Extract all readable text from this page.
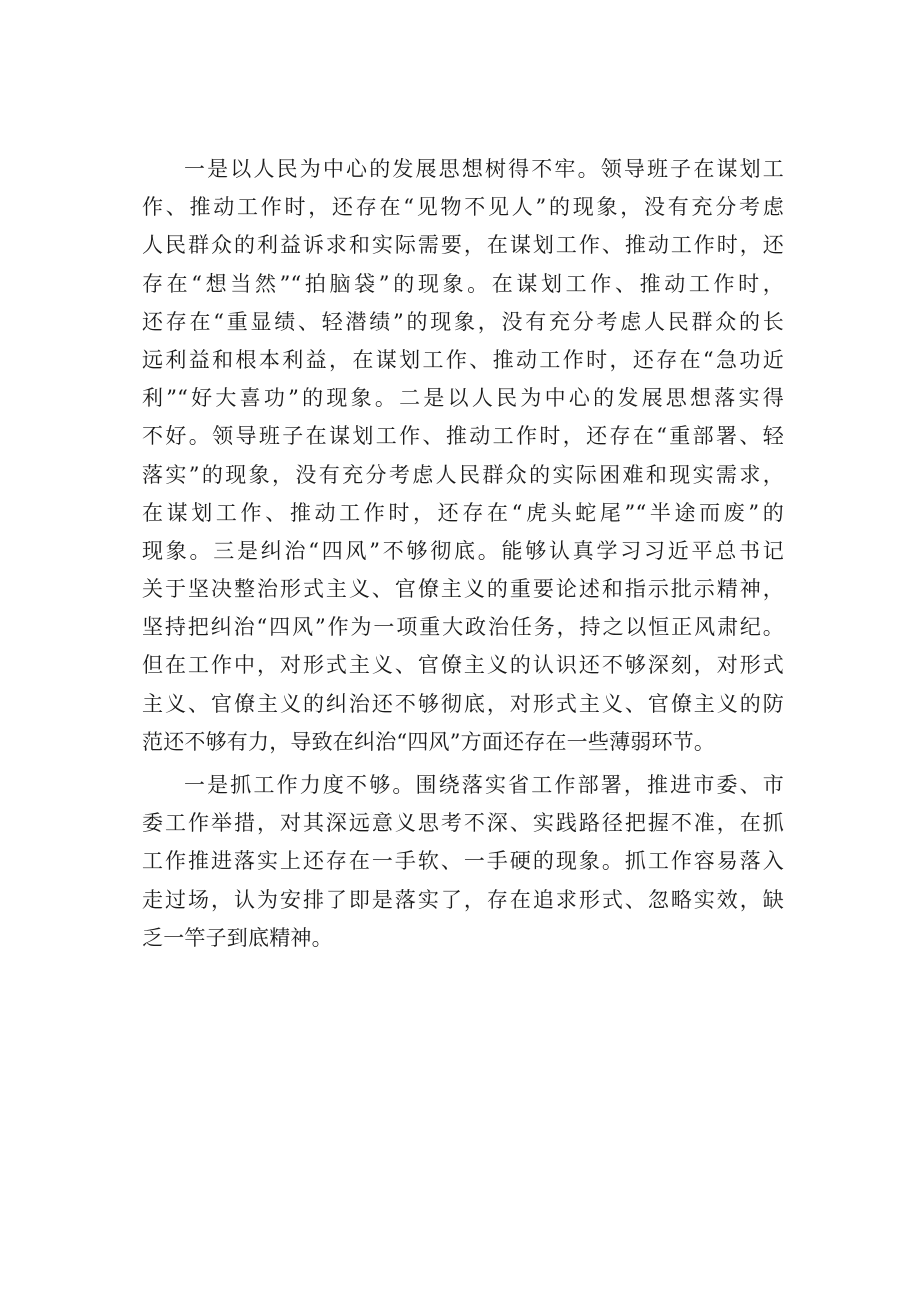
一是以人民为中心的发展思想树得不牢。领导班子在谋划工
作、推动工作时，还存在“见物不见人”的现象，没有充分考虑
人民群众的利益诉求和实际需要，在谋划工作、推动工作时，还
存在“想当然”“拍脑袋”的现象。在谋划工作、推动工作时，
还存在“重显绩、轻潜绩”的现象，没有充分考虑人民群众的长
远利益和根本利益，在谋划工作、推动工作时，还存在“急功近
利”“好大喜功”的现象。二是以人民为中心的发展思想落实得
不好。领导班子在谋划工作、推动工作时，还存在“重部署、轻
落实”的现象，没有充分考虑人民群众的实际困难和现实需求，
在谋划工作、推动工作时，还存在“虎头蛇尾”“半途而废”的
现象。三是纠治“四风”不够彻底。能够认真学习习近平总书记
关于坚决整治形式主义、官僚主义的重要论述和指示批示精神，
坚持把纠治“四风”作为一项重大政治任务，持之以恒正风肃纪。
但在工作中，对形式主义、官僚主义的认识还不够深刻，对形式
主义、官僚主义的纠治还不够彻底，对形式主义、官僚主义的防
范还不够有力，导致在纠治“四风”方面还存在一些薄弱环节。
一是抓工作力度不够。围绕落实省工作部署，推进市委、市
委工作举措，对其深远意义思考不深、实践路径把握不准，在抓
工作推进落实上还存在一手软、一手硬的现象。抓工作容易落入
走过场，认为安排了即是落实了，存在追求形式、忽略实效，缺
乏一竿子到底精神。
